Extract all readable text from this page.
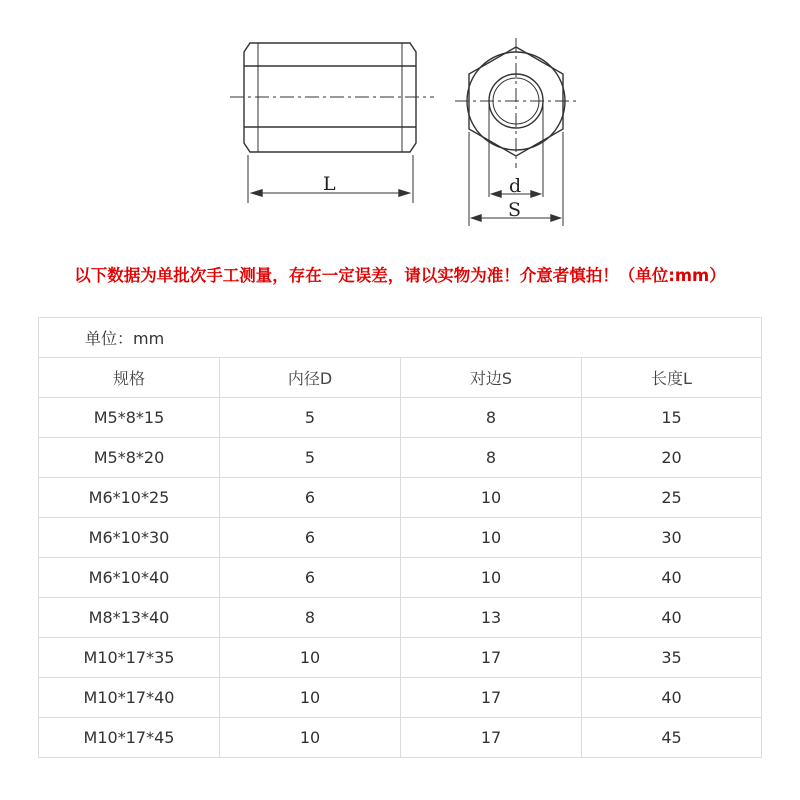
L	d
S
以下数据为单批次手工测量，存在一定误差，请以实物为准！介意者慎拍！（单位:mm）
单位：mm			
规格	内径D	对边S	长度L
M5*8*15	5	8	15
M5*8*20	5	8	20
M6*10*25	6	10	25
M6*10*30	6	10	30
M6*10*40	6	10	40
M8*13*40	8	13	40
M10*17*35	10	17	35
M10*17*40	10	17	40
M10*17*45	10	17	45
